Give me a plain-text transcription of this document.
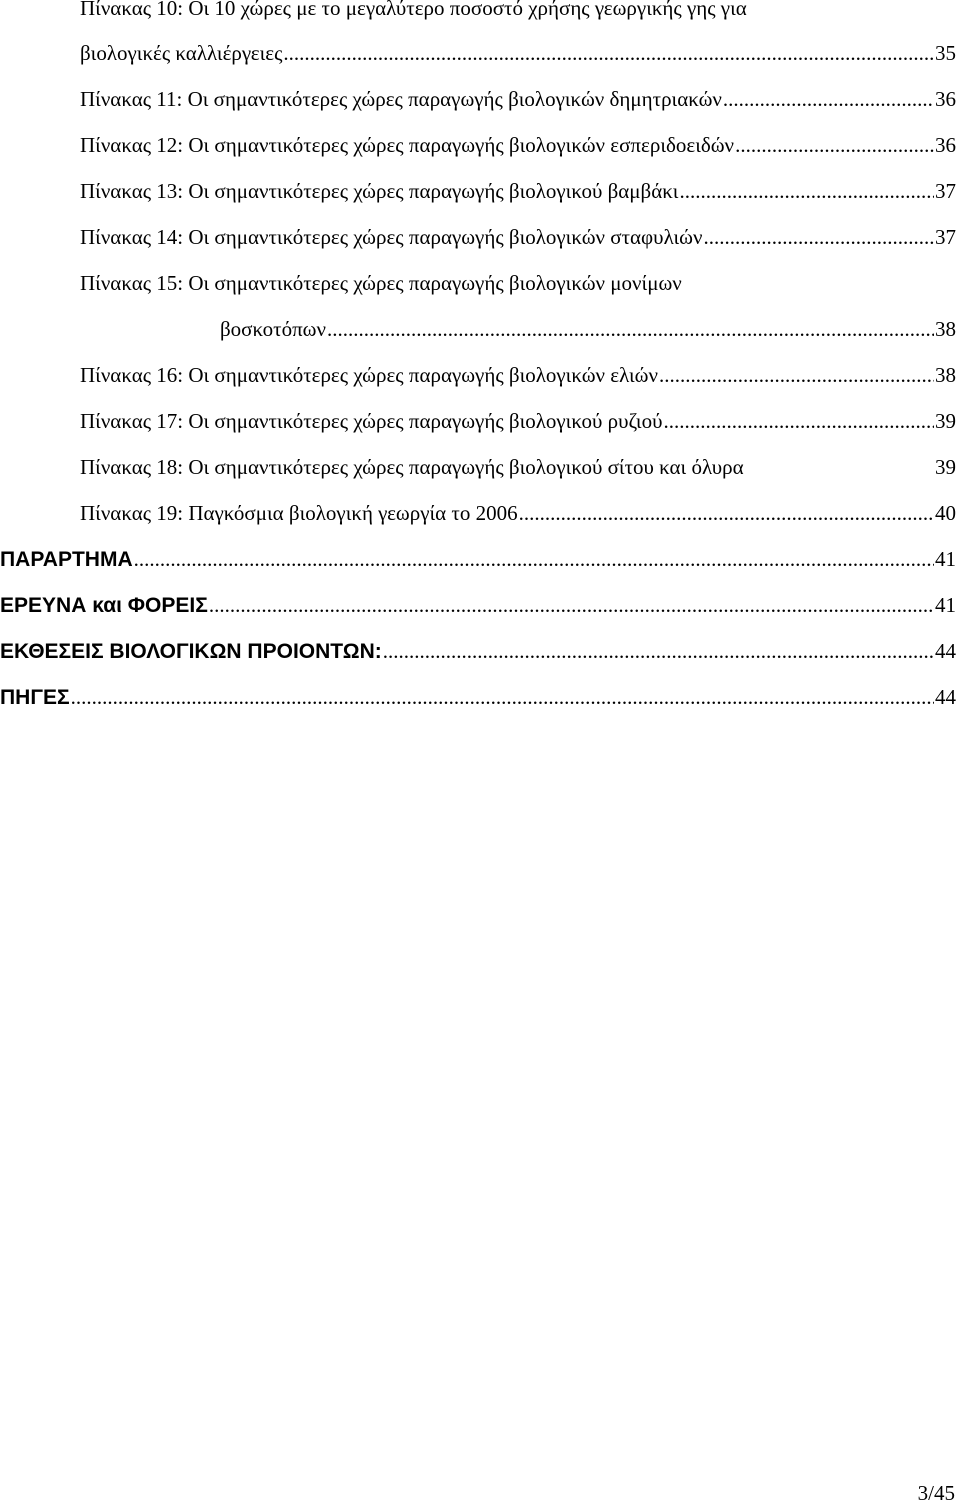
Πίνακας 10: Οι 10 χώρες με το μεγαλύτερο ποσοστό χρήσης γεωργικής γης για
βιολογικές καλλιέργειες .....	35
Πίνακας 11: Οι σημαντικότερες χώρες παραγωγής βιολογικών δημητριακών .....	36
Πίνακας 12: Οι σημαντικότερες χώρες παραγωγής βιολογικών εσπεριδοειδών .....	36
Πίνακας 13: Οι σημαντικότερες χώρες παραγωγής βιολογικού βαμβάκι .....	37
Πίνακας 14: Οι σημαντικότερες χώρες παραγωγής βιολογικών σταφυλιών .....	37
Πίνακας 15: Οι σημαντικότερες χώρες παραγωγής βιολογικών μονίμων
βοσκοτόπων .....	38
Πίνακας 16: Οι σημαντικότερες χώρες παραγωγής βιολογικών ελιών .....	38
Πίνακας 17: Οι σημαντικότερες χώρες παραγωγής βιολογικού ρυζιού .....	39
Πίνακας 18: Οι σημαντικότερες χώρες παραγωγής βιολογικού σίτου και όλυρα	39
Πίνακας 19: Παγκόσμια βιολογική γεωργία το 2006 .....	40
ΠΑΡΑΡΤΗΜΑ .....	41
ΕΡΕΥΝΑ και ΦΟΡΕΙΣ .....	41
ΕΚΘΕΣΕΙΣ ΒΙΟΛΟΓΙΚΩΝ ΠΡΟΙΟΝΤΩΝ: .....	44
ΠΗΓΕΣ .....	44
3/45
